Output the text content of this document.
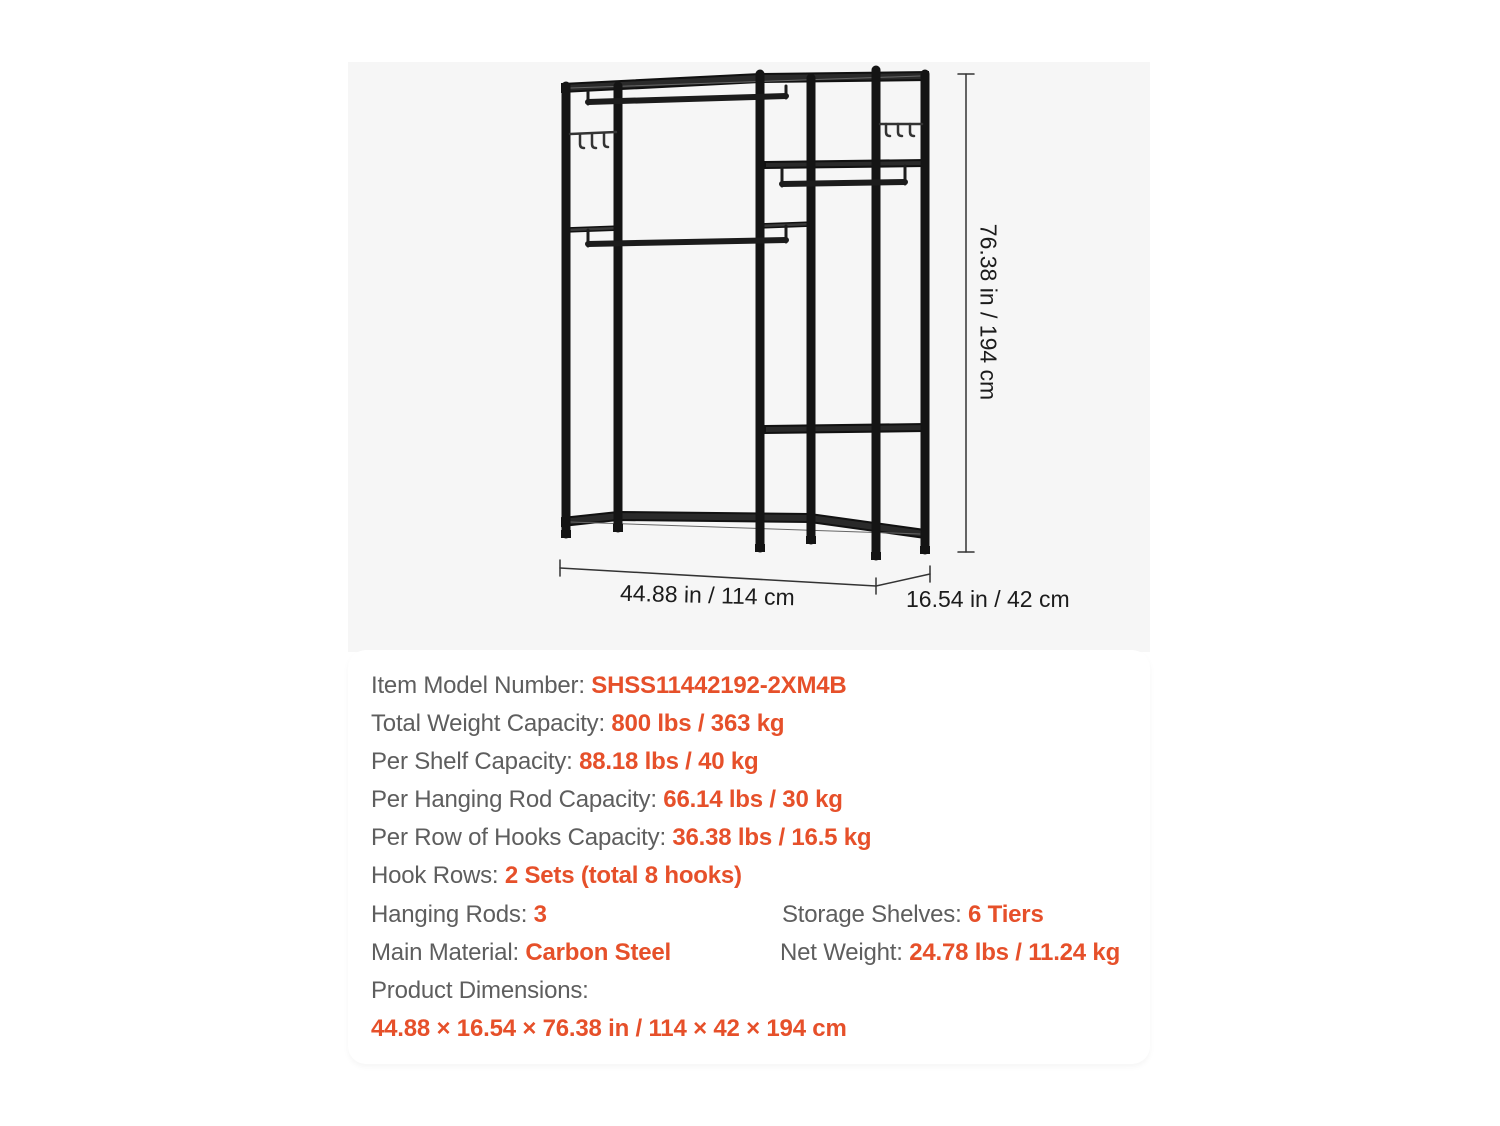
44.88 in / 114 cm	16.54 in / 42 cm
76.38 in / 194 cm
Item Model Number: SHSS11442192-2XM4B
Total Weight Capacity: 800 lbs / 363 kg
Per Shelf Capacity: 88.18 lbs / 40 kg
Per Hanging Rod Capacity: 66.14 lbs / 30 kg
Per Row of Hooks Capacity: 36.38 lbs / 16.5 kg
Hook Rows: 2 Sets (total 8 hooks)
Hanging Rods: 3	Storage Shelves: 6 Tiers
Main Material: Carbon Steel	Net Weight: 24.78 lbs / 11.24 kg
Product Dimensions:
44.88 × 16.54 × 76.38 in / 114 × 42 × 194 cm
